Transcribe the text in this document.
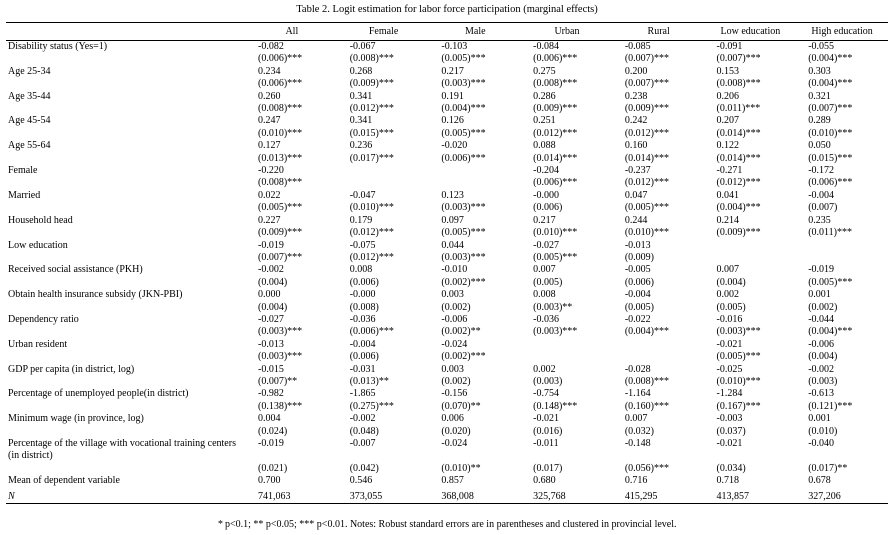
Table 2. Logit estimation for labor force participation (marginal effects)
	All	Female	Male	Urban	Rural	Low education	High education
Disability status (Yes=1)	-0.082	-0.067	-0.103	-0.084	-0.085	-0.091	-0.055
	(0.006)***	(0.008)***	(0.005)***	(0.006)***	(0.007)***	(0.007)***	(0.004)***
Age 25-34	0.234	0.268	0.217	0.275	0.200	0.153	0.303
	(0.006)***	(0.009)***	(0.003)***	(0.008)***	(0.007)***	(0.008)***	(0.004)***
Age 35-44	0.260	0.341	0.191	0.286	0.238	0.206	0.321
	(0.008)***	(0.012)***	(0.004)***	(0.009)***	(0.009)***	(0.011)***	(0.007)***
Age 45-54	0.247	0.341	0.126	0.251	0.242	0.207	0.289
	(0.010)***	(0.015)***	(0.005)***	(0.012)***	(0.012)***	(0.014)***	(0.010)***
Age 55-64	0.127	0.236	-0.020	0.088	0.160	0.122	0.050
	(0.013)***	(0.017)***	(0.006)***	(0.014)***	(0.014)***	(0.014)***	(0.015)***
Female	-0.220			-0.204	-0.237	-0.271	-0.172
	(0.008)***			(0.006)***	(0.012)***	(0.012)***	(0.006)***
Married	0.022	-0.047	0.123	-0.000	0.047	0.041	-0.004
	(0.005)***	(0.010)***	(0.003)***	(0.006)	(0.005)***	(0.004)***	(0.007)
Household head	0.227	0.179	0.097	0.217	0.244	0.214	0.235
	(0.009)***	(0.012)***	(0.005)***	(0.010)***	(0.010)***	(0.009)***	(0.011)***
Low education	-0.019	-0.075	0.044	-0.027	-0.013		
	(0.007)***	(0.012)***	(0.003)***	(0.005)***	(0.009)		
Received social assistance (PKH)	-0.002	0.008	-0.010	0.007	-0.005	0.007	-0.019
	(0.004)	(0.006)	(0.002)***	(0.005)	(0.006)	(0.004)	(0.005)***
Obtain health insurance subsidy (JKN-PBI)	0.000	-0.000	0.003	0.008	-0.004	0.002	0.001
	(0.004)	(0.008)	(0.002)	(0.003)**	(0.005)	(0.005)	(0.002)
Dependency ratio	-0.027	-0.036	-0.006	-0.036	-0.022	-0.016	-0.044
	(0.003)***	(0.006)***	(0.002)**	(0.003)***	(0.004)***	(0.003)***	(0.004)***
Urban resident	-0.013	-0.004	-0.024			-0.021	-0.006
	(0.003)***	(0.006)	(0.002)***			(0.005)***	(0.004)
GDP per capita (in district, log)	-0.015	-0.031	0.003	0.002	-0.028	-0.025	-0.002
	(0.007)**	(0.013)**	(0.002)	(0.003)	(0.008)***	(0.010)***	(0.003)
Percentage of unemployed people(in district)	-0.982	-1.865	-0.156	-0.754	-1.164	-1.284	-0.613
	(0.138)***	(0.275)***	(0.070)**	(0.148)***	(0.160)***	(0.167)***	(0.121)***
Minimum wage (in province, log)	0.004	-0.002	0.006	-0.021	0.007	-0.003	0.001
	(0.024)	(0.048)	(0.020)	(0.016)	(0.032)	(0.037)	(0.010)
Percentage of the village with vocational training centers (in district)	-0.019	-0.007	-0.024	-0.011	-0.148	-0.021	-0.040
	(0.021)	(0.042)	(0.010)**	(0.017)	(0.056)***	(0.034)	(0.017)**
Mean of dependent variable	0.700	0.546	0.857	0.680	0.716	0.718	0.678
N	741,063	373,055	368,008	325,768	415,295	413,857	327,206
* p<0.1; ** p<0.05; *** p<0.01. Notes: Robust standard errors are in parentheses and clustered in provincial level.
